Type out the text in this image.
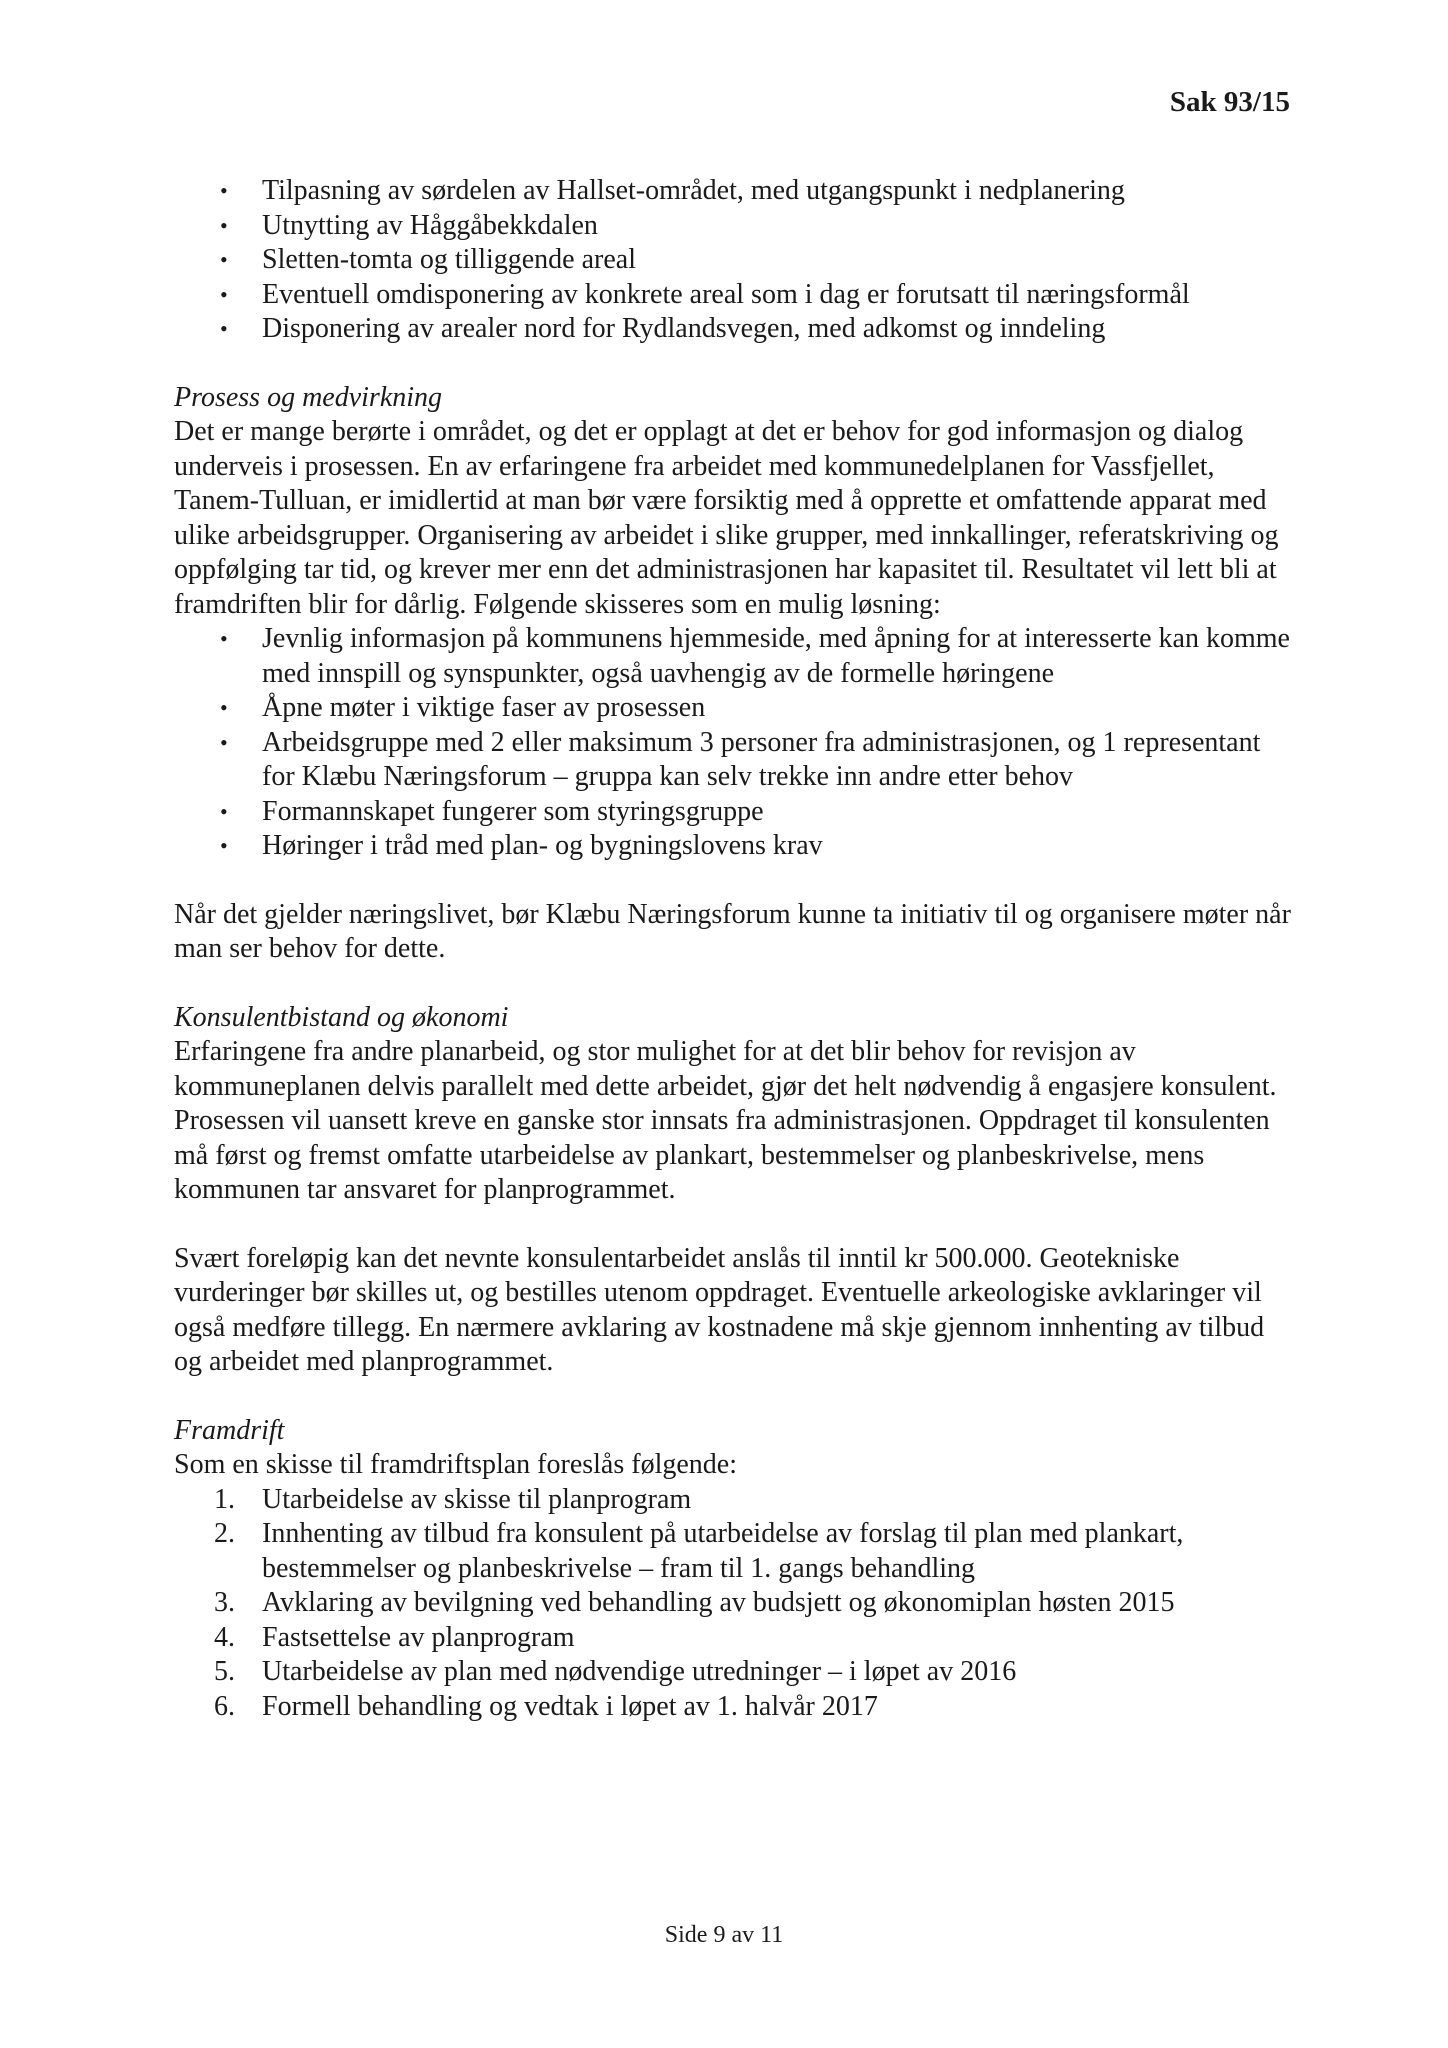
Sak 93/15
• Tilpasning av sørdelen av Hallset-området, med utgangspunkt i nedplanering
• Utnytting av Håggåbekkdalen
• Sletten-tomta og tilliggende areal
• Eventuell omdisponering av konkrete areal som i dag er forutsatt til næringsformål
• Disponering av arealer nord for Rydlandsvegen, med adkomst og inndeling

Prosess og medvirkning

Det er mange berørte i området, og det er opplagt at det er behov for god informasjon og dialog underveis i prosessen. En av erfaringene fra arbeidet med kommunedelplanen for Vassfjellet, Tanem-Tulluan, er imidlertid at man bør være forsiktig med å opprette et omfattende apparat med ulike arbeidsgrupper. Organisering av arbeidet i slike grupper, med innkallinger, referatskriving og oppfølging tar tid, og krever mer enn det administrasjonen har kapasitet til. Resultatet vil lett bli at framdriften blir for dårlig. Følgende skisseres som en mulig løsning:

• Jevnlig informasjon på kommunens hjemmeside, med åpning for at interesserte kan komme med innspill og synspunkter, også uavhengig av de formelle høringene
• Åpne møter i viktige faser av prosessen
• Arbeidsgruppe med 2 eller maksimum 3 personer fra administrasjonen, og 1 representant for Klæbu Næringsforum – gruppa kan selv trekke inn andre etter behov
• Formannskapet fungerer som styringsgruppe
• Høringer i tråd med plan- og bygningslovens krav

Når det gjelder næringslivet, bør Klæbu Næringsforum kunne ta initiativ til og organisere møter når man ser behov for dette.

Konsulentbistand og økonomi

Erfaringene fra andre planarbeid, og stor mulighet for at det blir behov for revisjon av kommuneplanen delvis parallelt med dette arbeidet, gjør det helt nødvendig å engasjere konsulent. Prosessen vil uansett kreve en ganske stor innsats fra administrasjonen. Oppdraget til konsulenten må først og fremst omfatte utarbeidelse av plankart, bestemmelser og planbeskrivelse, mens kommunen tar ansvaret for planprogrammet.

Svært foreløpig kan det nevnte konsulentarbeidet anslås til inntil kr 500.000. Geotekniske vurderinger bør skilles ut, og bestilles utenom oppdraget. Eventuelle arkeologiske avklaringer vil også medføre tillegg. En nærmere avklaring av kostnadene må skje gjennom innhenting av tilbud og arbeidet med planprogrammet.

Framdrift

Som en skisse til framdriftsplan foreslås følgende:

1. Utarbeidelse av skisse til planprogram
2. Innhenting av tilbud fra konsulent på utarbeidelse av forslag til plan med plankart, bestemmelser og planbeskrivelse – fram til 1. gangs behandling
3. Avklaring av bevilgning ved behandling av budsjett og økonomiplan høsten 2015
4. Fastsettelse av planprogram
5. Utarbeidelse av plan med nødvendige utredninger – i løpet av 2016
6. Formell behandling og vedtak i løpet av 1. halvår 2017
Side 9 av 11
